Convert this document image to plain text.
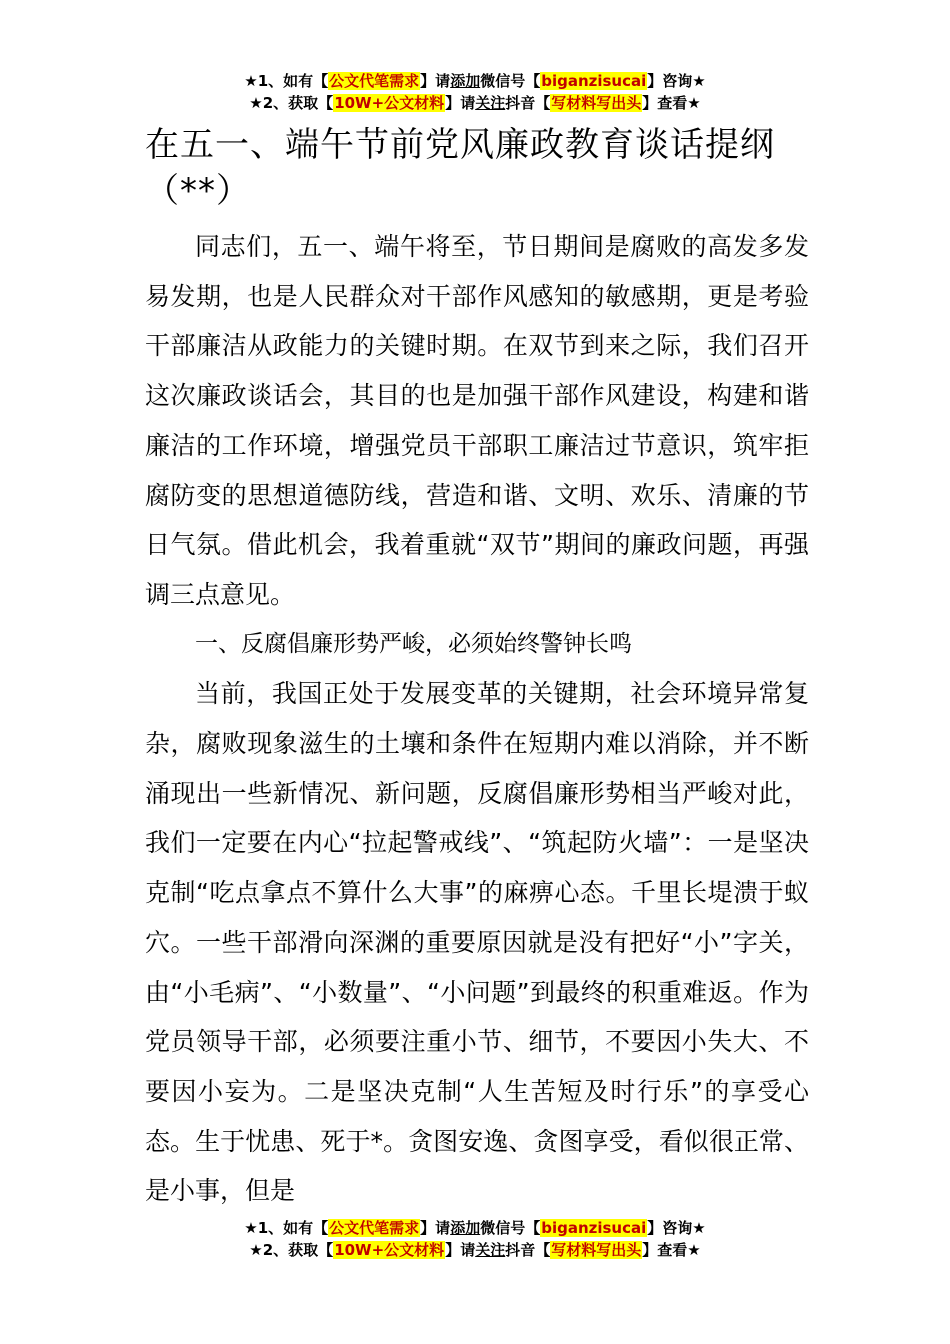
★1、如有【公文代笔需求】请添加微信号【biganzisucai】咨询★
★2、获取【10W+公文材料】请关注抖音【写材料写出头】查看★
在五一、端午节前党风廉政教育谈话提纲（**）

同志们，五一、端午将至，节日期间是腐败的高发多发易发期，也是人民群众对干部作风感知的敏感期，更是考验干部廉洁从政能力的关键时期。在双节到来之际，我们召开这次廉政谈话会，其目的也是加强干部作风建设，构建和谐廉洁的工作环境，增强党员干部职工廉洁过节意识，筑牢拒腐防变的思想道德防线，营造和谐、文明、欢乐、清廉的节日气氛。借此机会，我着重就“双节”期间的廉政问题，再强调三点意见。

一、反腐倡廉形势严峻，必须始终警钟长鸣

当前，我国正处于发展变革的关键期，社会环境异常复杂，腐败现象滋生的土壤和条件在短期内难以消除，并不断涌现出一些新情况、新问题，反腐倡廉形势相当严峻对此，我们一定要在内心“拉起警戒线”、“筑起防火墙”：一是坚决克制“吃点拿点不算什么大事”的麻痹心态。千里长堤溃于蚁穴。一些干部滑向深渊的重要原因就是没有把好“小”字关，由“小毛病”、“小数量”、“小问题”到最终的积重难返。作为党员领导干部，必须要注重小节、细节，不要因小失大、不要因小妄为。二是坚决克制“人生苦短及时行乐”的享受心态。生于忧患、死于*。贪图安逸、贪图享受，看似很正常、是小事，但是

★1、如有【公文代笔需求】请添加微信号【biganzisucai】咨询★
★2、获取【10W+公文材料】请关注抖音【写材料写出头】查看★
